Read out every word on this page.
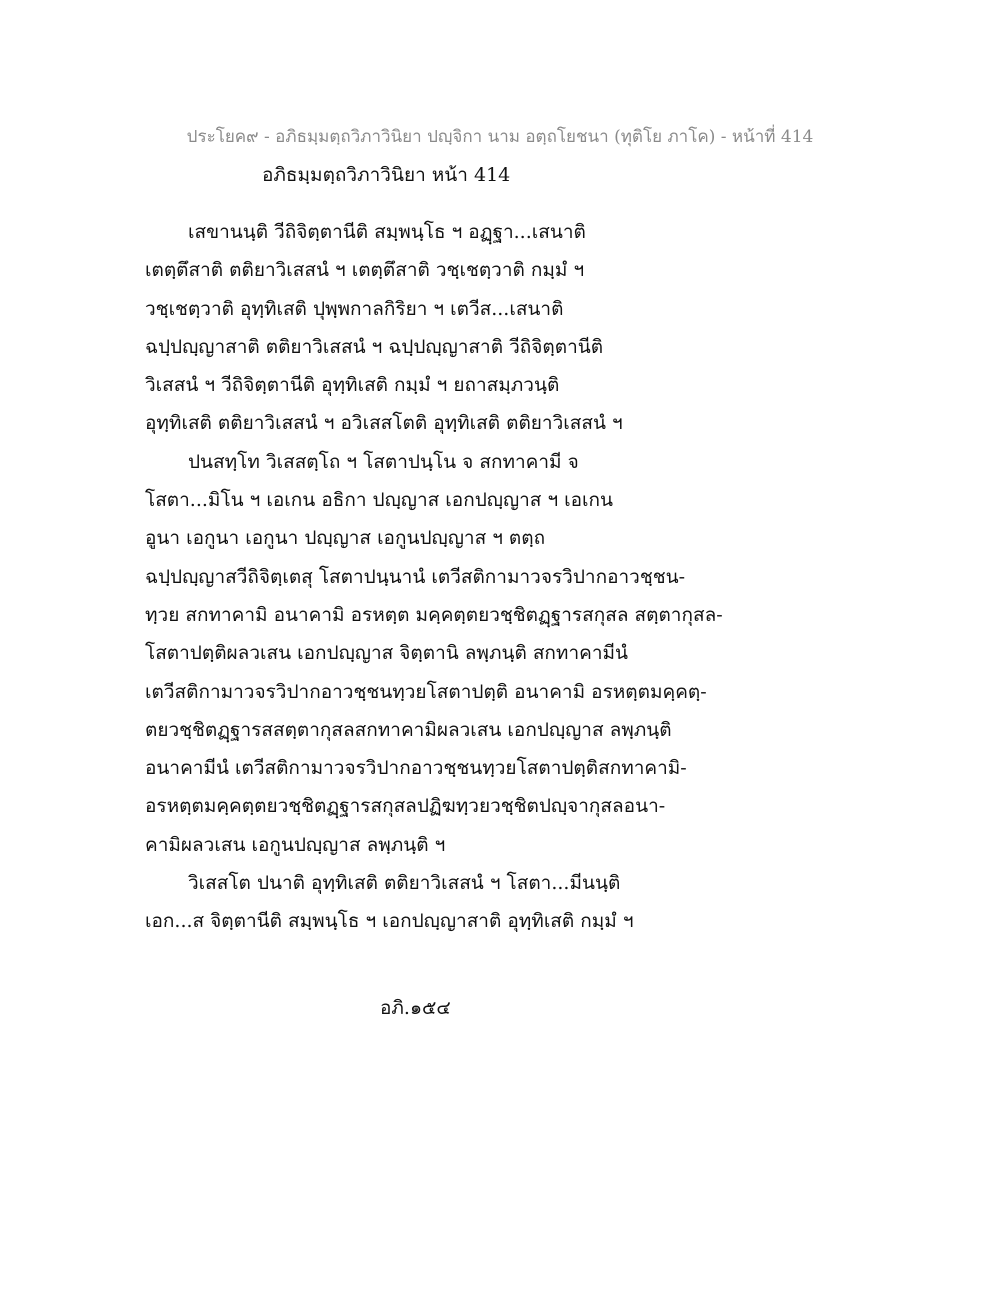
ประโยค๙ - อภิธมฺมตฺถวิภาวินิยา ปญฺจิกา นาม อตฺถโยชนา (ทุติโย ภาโค) - หน้าที่ 414
อภิธมฺมตฺถวิภาวินิยา หน้า 414
เสขานนฺติ วีถิจิตฺตานีติ สมฺพนฺโธ ฯ อฏฺฐา...เสนาติ
เตตฺตึสาติ ตติยาวิเสสนํ ฯ เตตฺตึสาติ วชฺเชตฺวาติ กมฺมํ ฯ
วชฺเชตฺวาติ อุทฺทิเสติ ปุพฺพกาลกิริยา ฯ เตวีส...เสนาติ
ฉปฺปญฺญาสาติ ตติยาวิเสสนํ ฯ ฉปฺปญฺญาสาติ วีถิจิตฺตานีติ
วิเสสนํ ฯ วีถิจิตฺตานีติ อุทฺทิเสติ กมฺมํ ฯ ยถาสมฺภวนฺติ
อุทฺทิเสติ ตติยาวิเสสนํ ฯ อวิเสสโตติ อุทฺทิเสติ ตติยาวิเสสนํ ฯ
ปนสทฺโท วิเสสตฺโถ ฯ โสตาปนฺโน จ สกทาคามี จ
โสตา...มิโน ฯ เอเกน อธิกา ปญฺญาส เอกปญฺญาส ฯ เอเกน
อูนา เอกูนา เอกูนา ปญฺญาส เอกูนปญฺญาส ฯ ตตฺถ
ฉปฺปญฺญาสวีถิจิตฺเตสุ โสตาปนฺนานํ เตวีสติกามาวจรวิปากอาวชฺชน-
ทฺวย สกทาคามิ อนาคามิ อรหตฺต มคฺคตฺตยวชฺชิตฏฺฐารสกุสล สตฺตากุสล-
โสตาปตฺติผลวเสน เอกปญฺญาส จิตฺตานิ ลพฺภนฺติ สกทาคามีนํ
เตวีสติกามาวจรวิปากอาวชฺชนทฺวยโสตาปตฺติ อนาคามิ อรหตฺตมคฺคตฺ-
ตยวชฺชิตฏฺฐารสสตฺตากุสลสกทาคามิผลวเสน เอกปญฺญาส ลพฺภนฺติ
อนาคามีนํ เตวีสติกามาวจรวิปากอาวชฺชนทฺวยโสตาปตฺติสกทาคามิ-
อรหตฺตมคฺคตฺตยวชฺชิตฏฺฐารสกุสลปฏิฆทฺวยวชฺชิตปญฺจากุสลอนา-
คามิผลวเสน เอกูนปญฺญาส ลพฺภนฺติ ฯ
วิเสสโต ปนาติ อุทฺทิเสติ ตติยาวิเสสนํ ฯ โสตา...มีนนฺติ
เอก...ส จิตฺตานีติ สมฺพนฺโธ ฯ เอกปญฺญาสาติ อุทฺทิเสติ กมฺมํ ฯ
อภิ.๑๕๔
